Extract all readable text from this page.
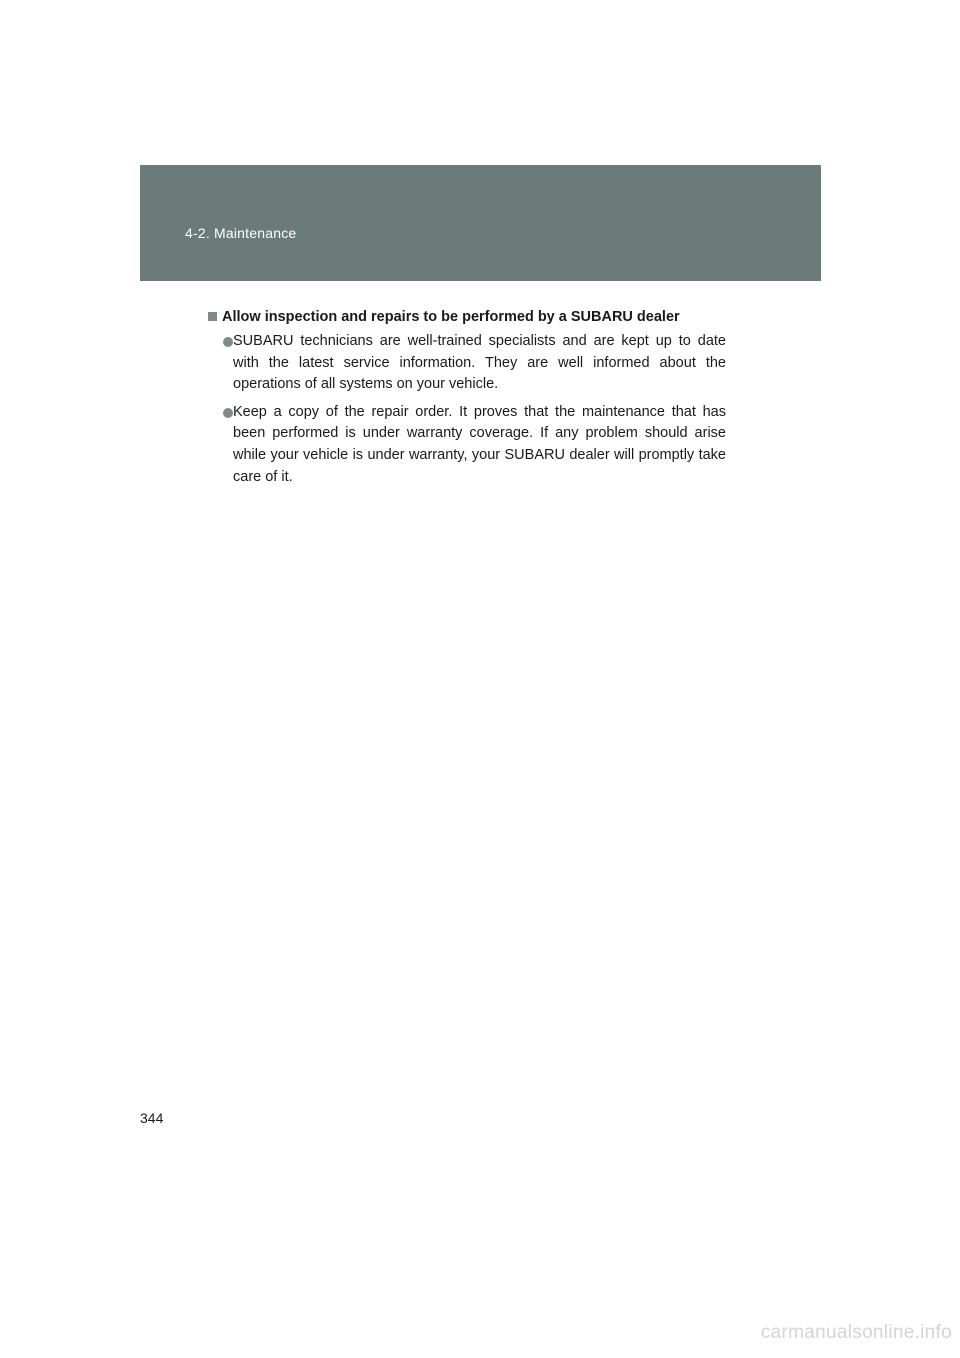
4-2. Maintenance
Allow inspection and repairs to be performed by a SUBARU dealer
SUBARU technicians are well-trained specialists and are kept up to date with the latest service information. They are well informed about the operations of all systems on your vehicle.
Keep a copy of the repair order. It proves that the maintenance that has been performed is under warranty coverage. If any problem should arise while your vehicle is under warranty, your SUBARU dealer will promptly take care of it.
344
carmanualsonline.info
